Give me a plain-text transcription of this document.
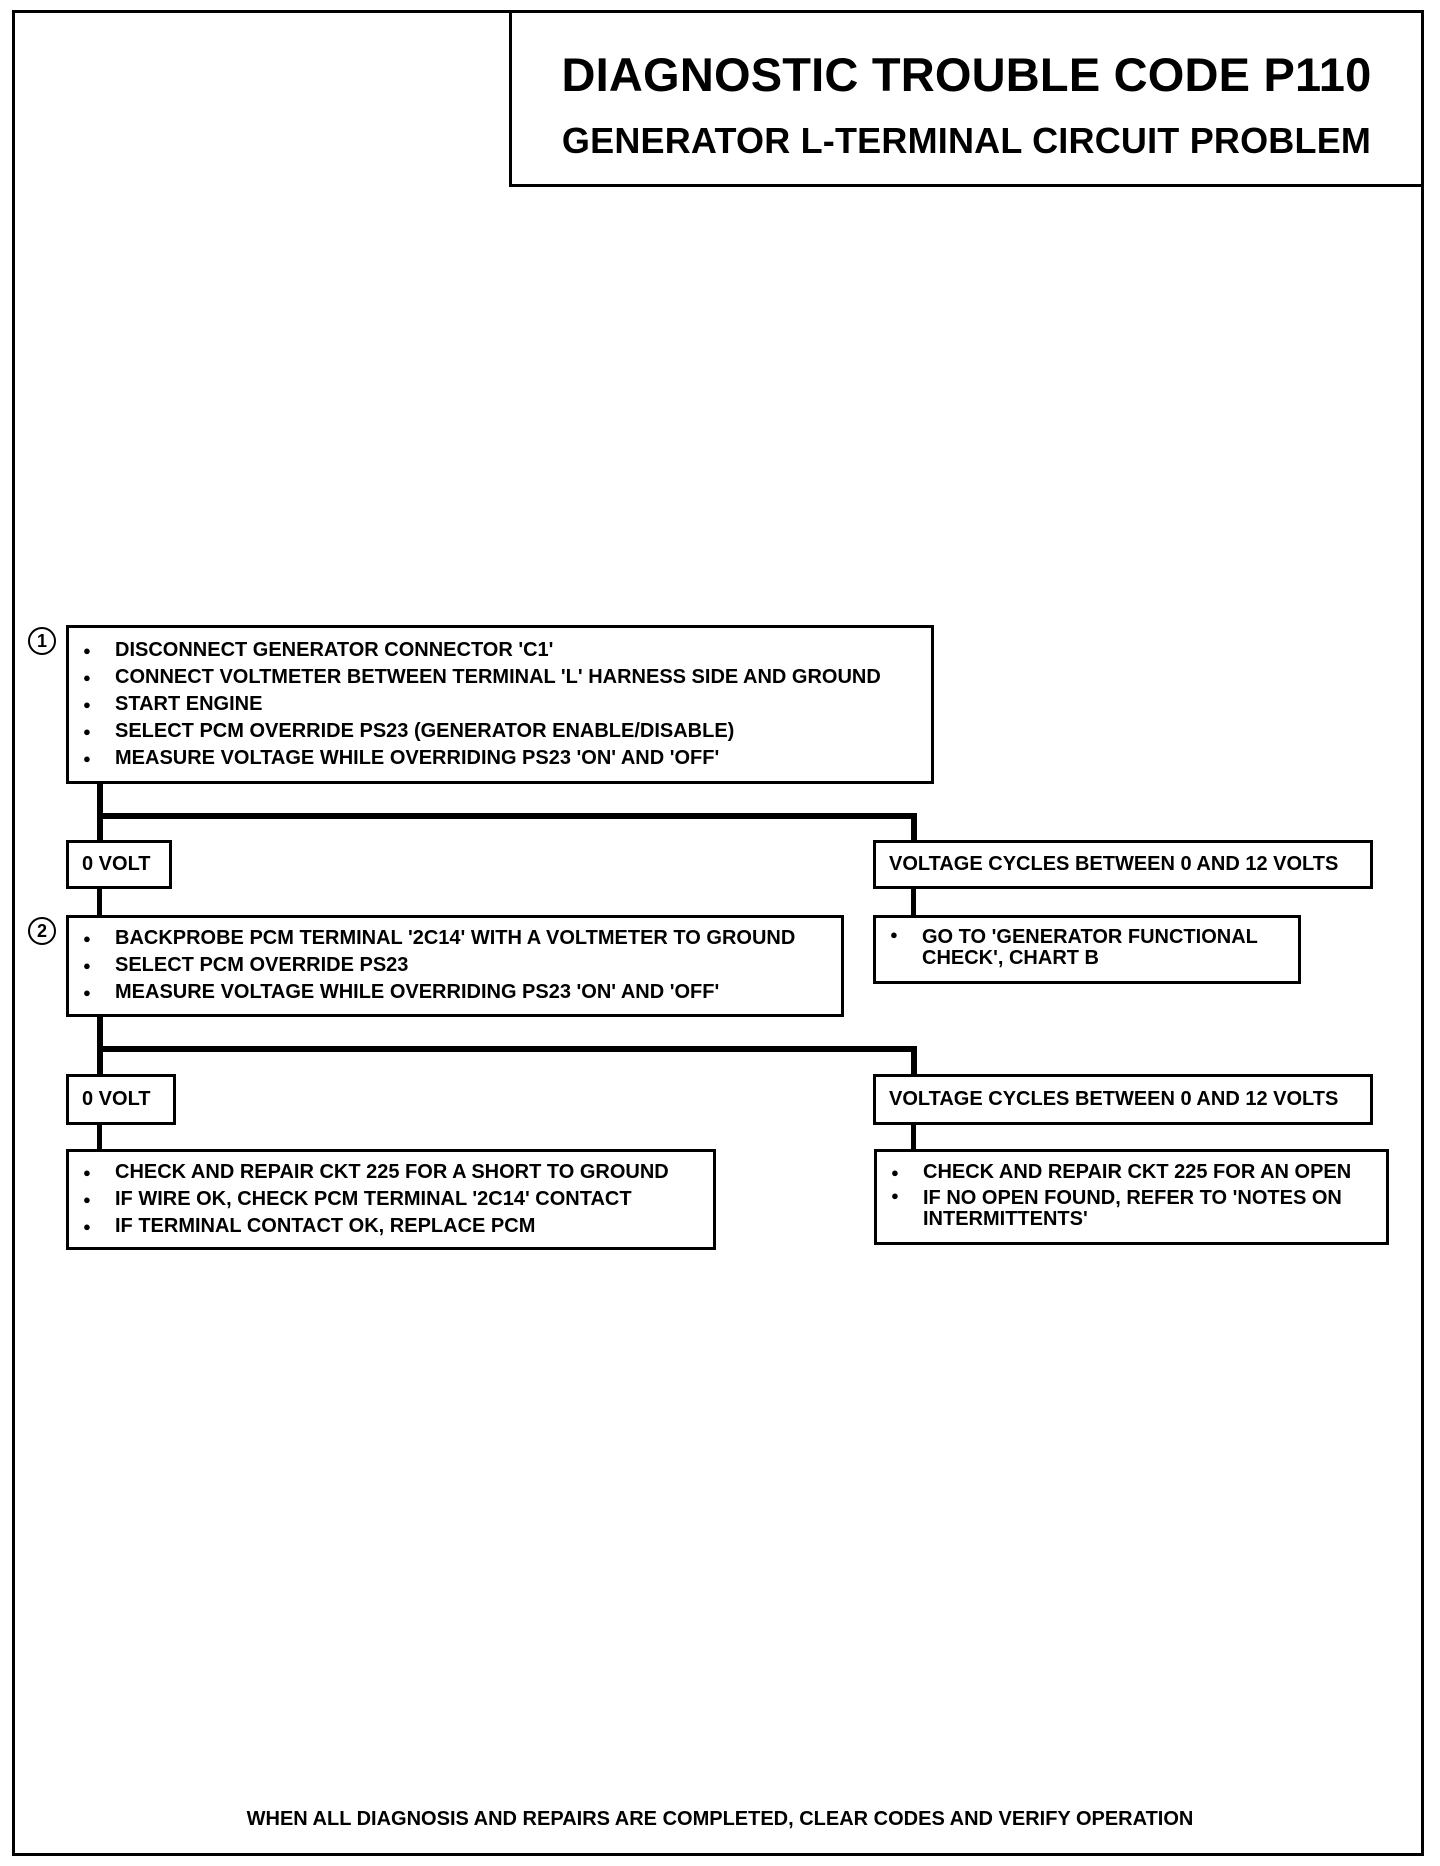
DIAGNOSTIC TROUBLE CODE P110
GENERATOR L-TERMINAL CIRCUIT PROBLEM
1	● DISCONNECT GENERATOR CONNECTOR 'C1'
● CONNECT VOLTMETER BETWEEN TERMINAL 'L' HARNESS SIDE AND GROUND
● START ENGINE
● SELECT PCM OVERRIDE PS23 (GENERATOR ENABLE/DISABLE)
● MEASURE VOLTAGE WHILE OVERRIDING PS23 'ON' AND 'OFF'
0 VOLT	VOLTAGE CYCLES BETWEEN 0 AND 12 VOLTS
2	● BACKPROBE PCM TERMINAL '2C14' WITH A VOLTMETER TO GROUND
● SELECT PCM OVERRIDE PS23
● MEASURE VOLTAGE WHILE OVERRIDING PS23 'ON' AND 'OFF'
● GO TO 'GENERATOR FUNCTIONAL CHECK', CHART B
0 VOLT	VOLTAGE CYCLES BETWEEN 0 AND 12 VOLTS
● CHECK AND REPAIR CKT 225 FOR A SHORT TO GROUND
● IF WIRE OK, CHECK PCM TERMINAL '2C14' CONTACT
● IF TERMINAL CONTACT OK, REPLACE PCM
● CHECK AND REPAIR CKT 225 FOR AN OPEN
● IF NO OPEN FOUND, REFER TO 'NOTES ON INTERMITTENTS'
WHEN ALL DIAGNOSIS AND REPAIRS ARE COMPLETED, CLEAR CODES AND VERIFY OPERATION
